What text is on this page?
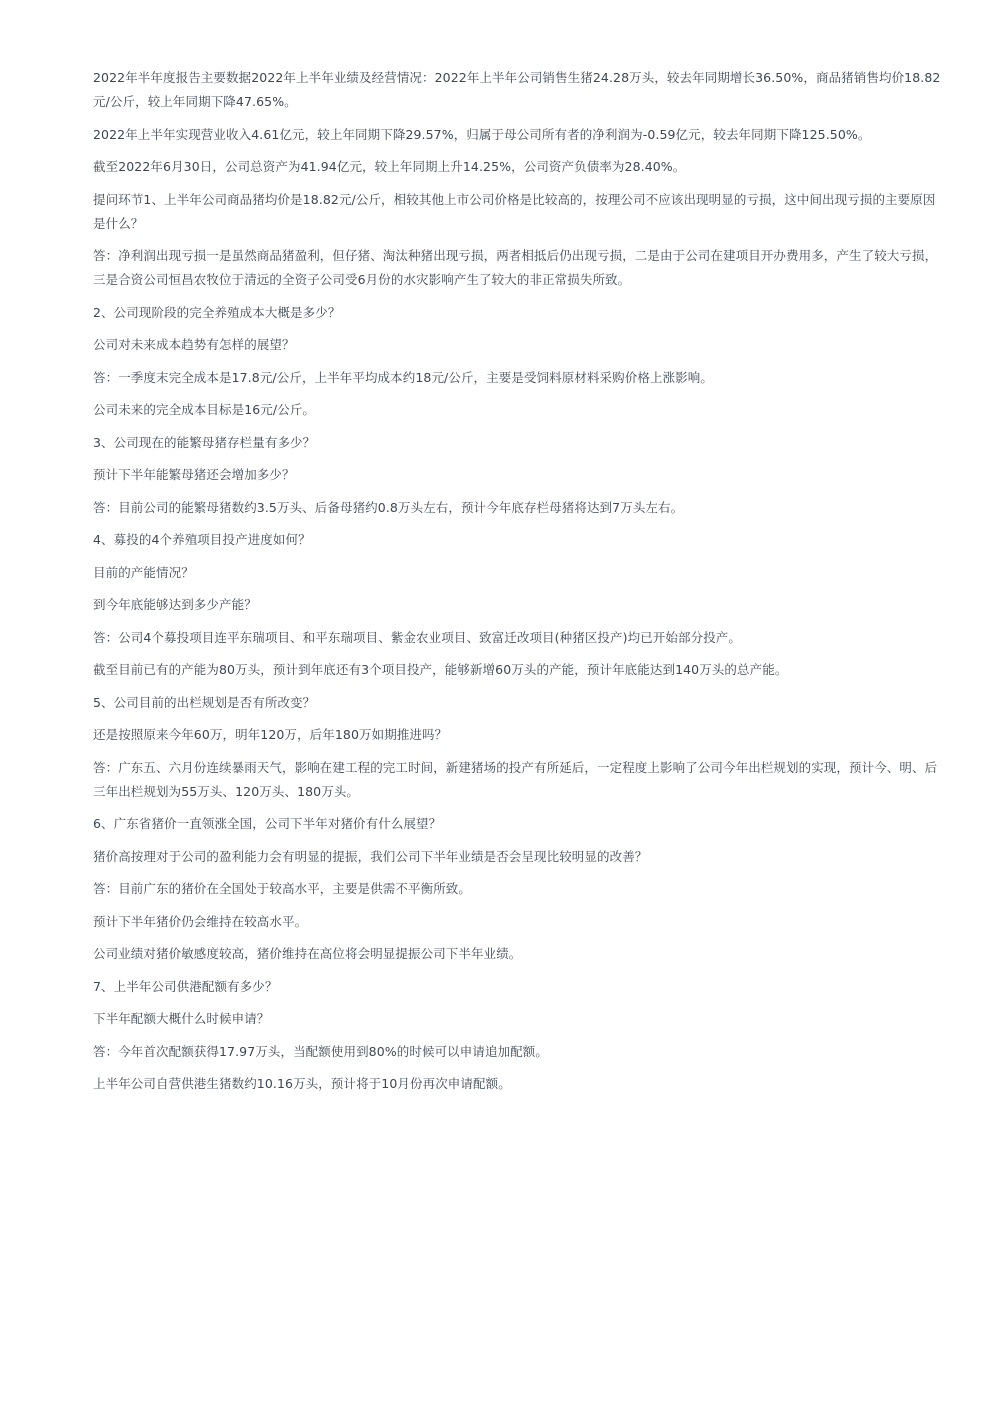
2022年半年度报告主要数据2022年上半年业绩及经营情况：2022年上半年公司销售生猪24.28万头，较去年同期增长36.50%，商品猪销售均价18.82元/公斤，较上年同期下降47.65%。

2022年上半年实现营业收入4.61亿元，较上年同期下降29.57%，归属于母公司所有者的净利润为-0.59亿元，较去年同期下降125.50%。

截至2022年6月30日，公司总资产为41.94亿元，较上年同期上升14.25%，公司资产负债率为28.40%。

提问环节1、上半年公司商品猪均价是18.82元/公斤，相较其他上市公司价格是比较高的，按理公司不应该出现明显的亏损，这中间出现亏损的主要原因是什么？

答：净利润出现亏损一是虽然商品猪盈利，但仔猪、淘汰种猪出现亏损，两者相抵后仍出现亏损，二是由于公司在建项目开办费用多，产生了较大亏损，三是合资公司恒昌农牧位于清远的全资子公司受6月份的水灾影响产生了较大的非正常损失所致。

2、公司现阶段的完全养殖成本大概是多少？

公司对未来成本趋势有怎样的展望？

答：一季度末完全成本是17.8元/公斤，上半年平均成本约18元/公斤，主要是受饲料原材料采购价格上涨影响。

公司未来的完全成本目标是16元/公斤。

3、公司现在的能繁母猪存栏量有多少？

预计下半年能繁母猪还会增加多少？

答：目前公司的能繁母猪数约3.5万头、后备母猪约0.8万头左右，预计今年底存栏母猪将达到7万头左右。

4、募投的4个养殖项目投产进度如何？

目前的产能情况？

到今年底能够达到多少产能？

答：公司4个募投项目连平东瑞项目、和平东瑞项目、紫金农业项目、致富迁改项目(种猪区投产)均已开始部分投产。

截至目前已有的产能为80万头，预计到年底还有3个项目投产，能够新增60万头的产能，预计年底能达到140万头的总产能。

5、公司目前的出栏规划是否有所改变？

还是按照原来今年60万，明年120万，后年180万如期推进吗？

答：广东五、六月份连续暴雨天气，影响在建工程的完工时间，新建猪场的投产有所延后，一定程度上影响了公司今年出栏规划的实现，预计今、明、后三年出栏规划为55万头、120万头、180万头。

6、广东省猪价一直领涨全国，公司下半年对猪价有什么展望？

猪价高按理对于公司的盈利能力会有明显的提振，我们公司下半年业绩是否会呈现比较明显的改善？

答：目前广东的猪价在全国处于较高水平，主要是供需不平衡所致。

预计下半年猪价仍会维持在较高水平。

公司业绩对猪价敏感度较高，猪价维持在高位将会明显提振公司下半年业绩。

7、上半年公司供港配额有多少？

下半年配额大概什么时候申请？

答：今年首次配额获得17.97万头，当配额使用到80%的时候可以申请追加配额。

上半年公司自营供港生猪数约10.16万头，预计将于10月份再次申请配额。
